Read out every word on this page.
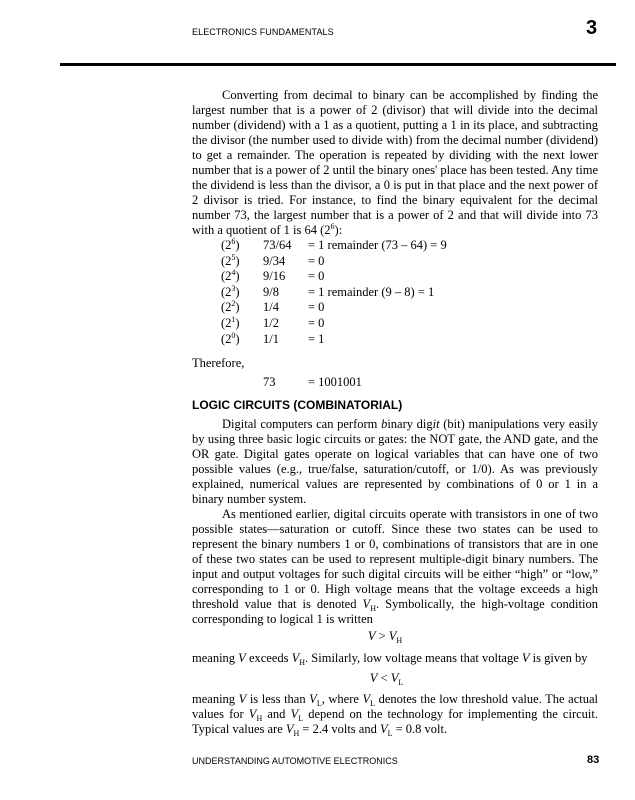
ELECTRONICS FUNDAMENTALS	3

Converting from decimal to binary can be accomplished by finding the largest number that is a power of 2 (divisor) that will divide into the decimal number (dividend) with a 1 as a quotient, putting a 1 in its place, and subtracting the divisor (the number used to divide with) from the decimal number (dividend) to get a remainder. The operation is repeated by dividing with the next lower number that is a power of 2 until the binary ones' place has been tested. Any time the dividend is less than the divisor, a 0 is put in that place and the next power of 2 divisor is tried. For instance, to find the binary equivalent for the decimal number 73, the largest number that is a power of 2 and that will divide into 73 with a quotient of 1 is 64 $(2^6)$:

$(2^6) 73/64 = 1$ remainder (73 – 64) = 9
$(2^5) 9/34 = 0$
$(2^4) 9/16 = 0$
$(2^3) 9/8 = 1$ remainder (9 – 8) = 1
$(2^2) 1/4 = 0$
$(2^1) 1/2 = 0$
$(2^0) 1/1 = 1$
Therefore,
73	= 1001001
LOGIC CIRCUITS (COMBINATORIAL)

Digital computers can perform binary digit (bit) manipulations very easily by using three basic logic circuits or gates: the NOT gate, the AND gate, and the OR gate. Digital gates operate on logical variables that can have one of two possible values (e.g., true/false, saturation/cutoff, or 1/0). As was previously explained, numerical values are represented by combinations of 0 or 1 in a binary number system.

As mentioned earlier, digital circuits operate with transistors in one of two possible states—saturation or cutoff. Since these two states can be used to represent the binary numbers 1 or 0, combinations of transistors that are in one of these two states can be used to represent multiple-digit binary numbers. The input and output voltages for such digital circuits will be either “high” or “low,” corresponding to 1 or 0. High voltage means that the voltage exceeds a high threshold value that is denoted $V_H$. Symbolically, the high-voltage condition corresponding to logical 1 is written

$V > V_H$

meaning V exceeds $V_H$. Similarly, low voltage means that voltage V is given by

$V < V_L$

meaning V is less than $V_L$, where $V_L$ denotes the low threshold value. The actual values for $V_H$ and $V_L$ depend on the technology for implementing the circuit. Typical values are $V_H = 2.4$ volts and $V_L = 0.8$ volt.

UNDERSTANDING AUTOMOTIVE ELECTRONICS	83
